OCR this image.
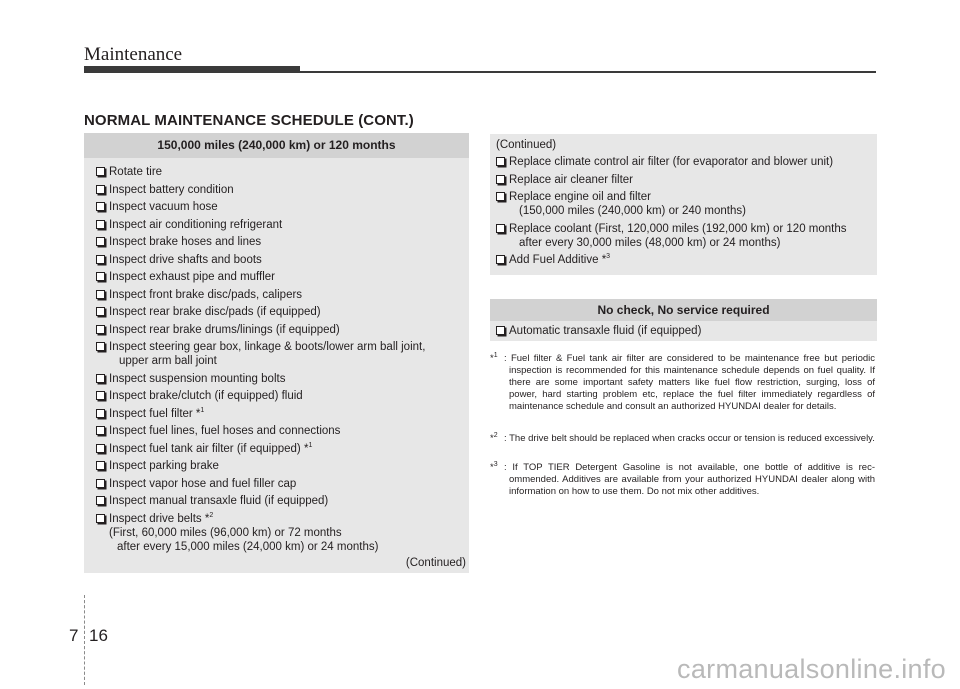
Maintenance
NORMAL MAINTENANCE SCHEDULE (CONT.)
150,000 miles (240,000 km) or 120 months
Rotate tire
Inspect battery condition
Inspect vacuum hose
Inspect air conditioning refrigerant
Inspect brake hoses and lines
Inspect drive shafts and boots
Inspect exhaust pipe and muffler
Inspect front brake disc/pads, calipers
Inspect rear brake disc/pads (if equipped)
Inspect rear brake drums/linings (if equipped)
Inspect steering gear box, linkage & boots/lower arm ball joint,
upper arm ball joint
Inspect suspension mounting bolts
Inspect brake/clutch (if equipped) fluid
Inspect fuel filter *$^1$
Inspect fuel lines, fuel hoses and connections
Inspect fuel tank air filter (if equipped) *$^1$
Inspect parking brake
Inspect vapor hose and fuel filler cap
Inspect manual transaxle fluid (if equipped)
Inspect drive belts *$^2$
(First, 60,000 miles (96,000 km) or 72 months
after every 15,000 miles (24,000 km) or 24 months)
(Continued)
(Continued)
Replace climate control air filter (for evaporator and blower unit)
Replace air cleaner filter
Replace engine oil and filter
(150,000 miles (240,000 km) or 240 months)
Replace coolant (First, 120,000 miles (192,000 km) or 120 months
after every 30,000 miles (48,000 km) or 24 months)
Add Fuel Additive *$^3$
No check, No service required
Automatic transaxle fluid (if equipped)
*$^1$ : Fuel filter & Fuel tank air filter are considered to be maintenance free but periodic inspection is recommended for this maintenance schedule depends on fuel quality. If there are some important safety matters like fuel flow restriction, surging, loss of power, hard starting problem etc, replace the fuel filter immediately regardless of maintenance schedule and consult an authorized HYUNDAI dealer for details.
*$^2$ : The drive belt should be replaced when cracks occur or tension is reduced excessively.
*$^3$ : If TOP TIER Detergent Gasoline is not available, one bottle of additive is rec-ommended. Additives are available from your authorized HYUNDAI dealer along with information on how to use them. Do not mix other additives.
7 16
carmanualsonline.info
